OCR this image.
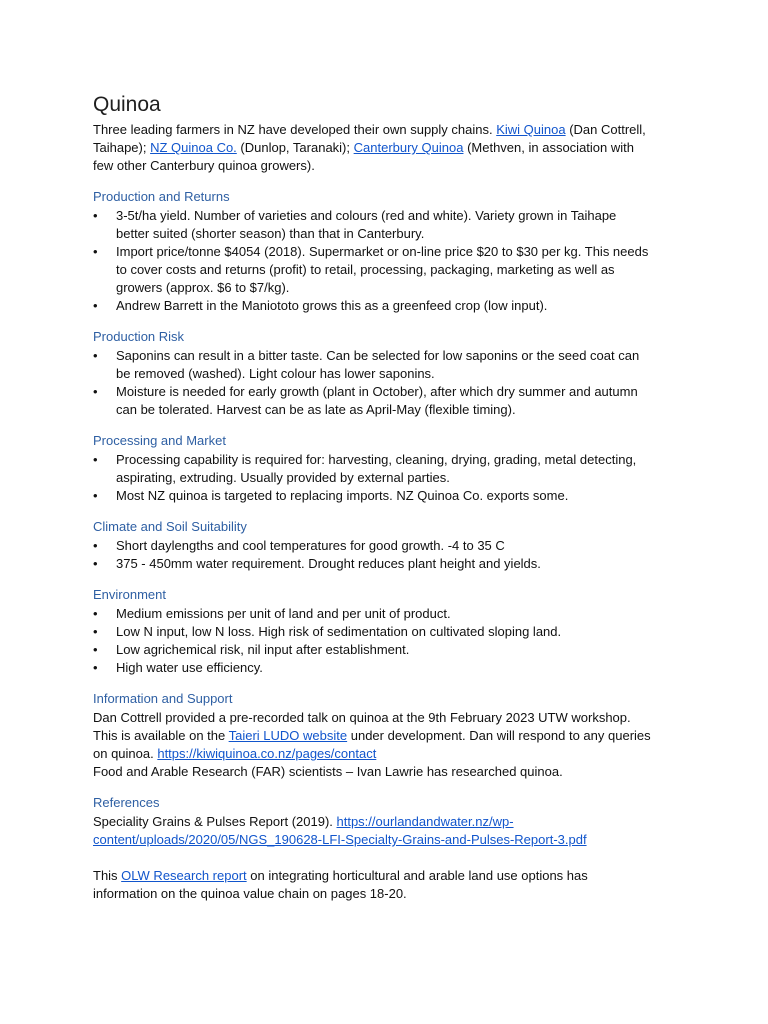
Quinoa

Three leading farmers in NZ have developed their own supply chains. Kiwi Quinoa (Dan Cottrell, Taihape); NZ Quinoa Co. (Dunlop, Taranaki); Canterbury Quinoa (Methven, in association with few other Canterbury quinoa growers).

Production and Returns
• 3-5t/ha yield. Number of varieties and colours (red and white). Variety grown in Taihape better suited (shorter season) than that in Canterbury.
• Import price/tonne $4054 (2018). Supermarket or on-line price $20 to $30 per kg. This needs to cover costs and returns (profit) to retail, processing, packaging, marketing as well as growers (approx. $6 to $7/kg).
• Andrew Barrett in the Maniototo grows this as a greenfeed crop (low input).
Production Risk
• Saponins can result in a bitter taste. Can be selected for low saponins or the seed coat can be removed (washed). Light colour has lower saponins.
• Moisture is needed for early growth (plant in October), after which dry summer and autumn can be tolerated. Harvest can be as late as April-May (flexible timing).
Processing and Market
• Processing capability is required for: harvesting, cleaning, drying, grading, metal detecting, aspirating, extruding. Usually provided by external parties.
• Most NZ quinoa is targeted to replacing imports. NZ Quinoa Co. exports some.
Climate and Soil Suitability
• Short daylengths and cool temperatures for good growth. -4 to 35 C
• 375 - 450mm water requirement. Drought reduces plant height and yields.
Environment
• Medium emissions per unit of land and per unit of product.
• Low N input, low N loss. High risk of sedimentation on cultivated sloping land.
• Low agrichemical risk, nil input after establishment.
• High water use efficiency.
Information and Support

Dan Cottrell provided a pre-recorded talk on quinoa at the 9th February 2023 UTW workshop. This is available on the Taieri LUDO website under development. Dan will respond to any queries on quinoa. https://kiwiquinoa.co.nz/pages/contact

Food and Arable Research (FAR) scientists – Ivan Lawrie has researched quinoa.

References

Speciality Grains & Pulses Report (2019). https://ourlandandwater.nz/wp-content/uploads/2020/05/NGS_190628-LFI-Specialty-Grains-and-Pulses-Report-3.pdf

This OLW Research report on integrating horticultural and arable land use options has information on the quinoa value chain on pages 18-20.
